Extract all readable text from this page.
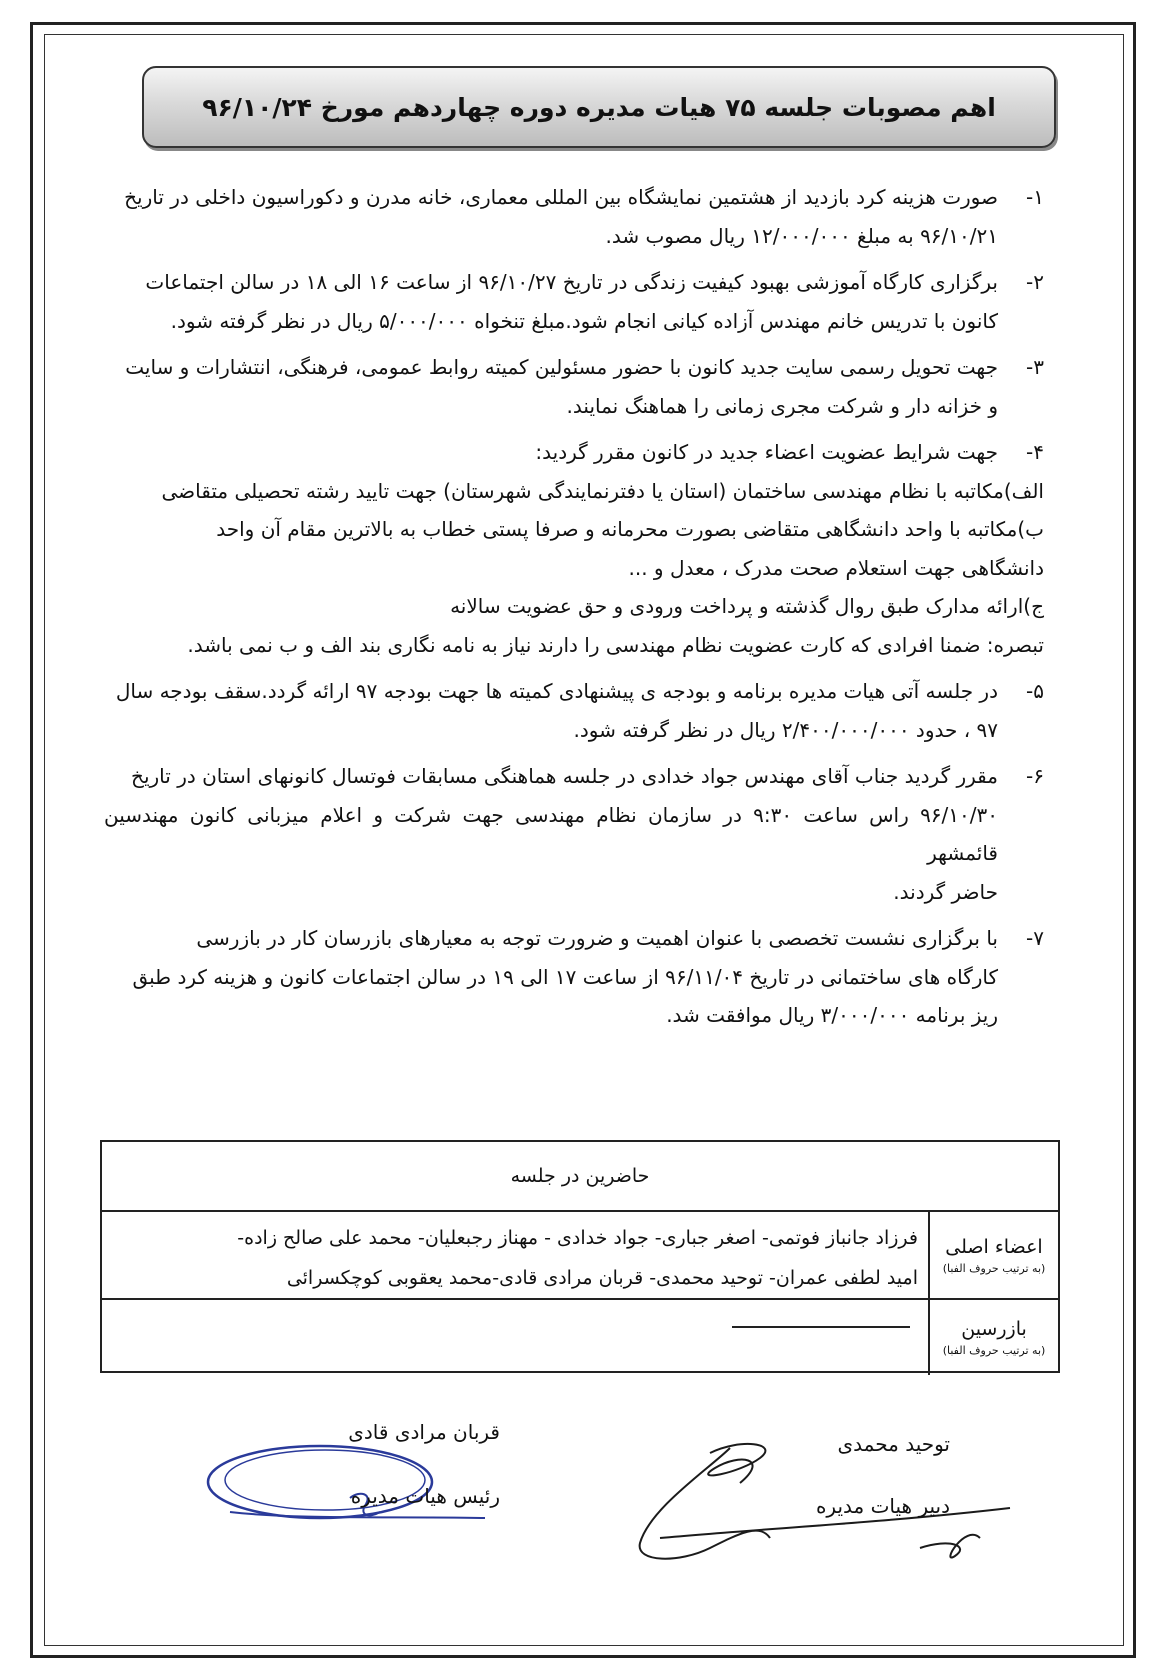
اهم مصوبات جلسه ۷۵ هیات مدیره دوره چهاردهم مورخ ۹۶/۱۰/۲۴
۱-

صورت هزینه کرد بازدید از هشتمین نمایشگاه بین المللی معماری، خانه مدرن و دکوراسیون داخلی در تاریخ

۹۶/۱۰/۲۱ به مبلغ ۱۲/۰۰۰/۰۰۰ ریال مصوب شد.

۲-

برگزاری کارگاه آموزشی بهبود کیفیت زندگی در تاریخ ۹۶/۱۰/۲۷ از ساعت ۱۶ الی ۱۸ در سالن اجتماعات

کانون با تدریس خانم مهندس آزاده کیانی انجام شود.مبلغ تنخواه ۵/۰۰۰/۰۰۰ ریال در نظر گرفته شود.

۳-

جهت تحویل رسمی سایت جدید کانون با حضور مسئولین کمیته روابط عمومی، فرهنگی، انتشارات و سایت

و خزانه دار و شرکت مجری زمانی را هماهنگ نمایند.

۴-

جهت شرایط عضویت اعضاء جدید در کانون مقرر گردید:

الف)مکاتبه با نظام مهندسی ساختمان (استان یا دفترنمایندگی شهرستان) جهت تایید رشته تحصیلی متقاضی

ب)مکاتبه با واحد دانشگاهی متقاضی بصورت محرمانه و صرفا پستی خطاب به بالاترین مقام آن واحد

دانشگاهی جهت استعلام صحت مدرک ، معدل و ...

ج)ارائه مدارک طبق روال گذشته و پرداخت ورودی و حق عضویت سالانه

تبصره: ضمنا افرادی که کارت عضویت نظام مهندسی را دارند نیاز به نامه نگاری بند الف و ب نمی باشد.

۵-

در جلسه آتی هیات مدیره برنامه و بودجه ی پیشنهادی کمیته ها جهت بودجه ۹۷ ارائه گردد.سقف بودجه سال

۹۷ ، حدود ۲/۴۰۰/۰۰۰/۰۰۰ ریال در نظر گرفته شود.

۶-

مقرر گردید جناب آقای مهندس جواد خدادی در جلسه هماهنگی مسابقات فوتسال کانونهای استان در تاریخ

۹۶/۱۰/۳۰ راس ساعت ۹:۳۰ در سازمان نظام مهندسی جهت شرکت و اعلام میزبانی کانون مهندسین قائمشهر

حاضر گردند.

۷-

با برگزاری نشست تخصصی با عنوان اهمیت و ضرورت توجه به معیارهای بازرسان کار در بازرسی

کارگاه های ساختمانی در تاریخ ۹۶/۱۱/۰۴ از ساعت ۱۷ الی ۱۹ در سالن اجتماعات کانون و هزینه کرد طبق

ریز برنامه ۳/۰۰۰/۰۰۰ ریال موافقت شد.

حاضرین در جلسه
اعضاء اصلی
(به ترتیب حروف الفبا)
فرزاد جانباز فوتمی- اصغر جباری- جواد خدادی - مهناز رجبعلیان- محمد علی صالح زاده-
امید لطفی عمران- توحید محمدی- قربان مرادی قادی-محمد یعقوبی کوچکسرائی
بازرسین
(به ترتیب حروف الفبا)
توحید محمدی
دبیر هیات مدیره
قربان مرادی قادی
رئیس هیات مدیره
